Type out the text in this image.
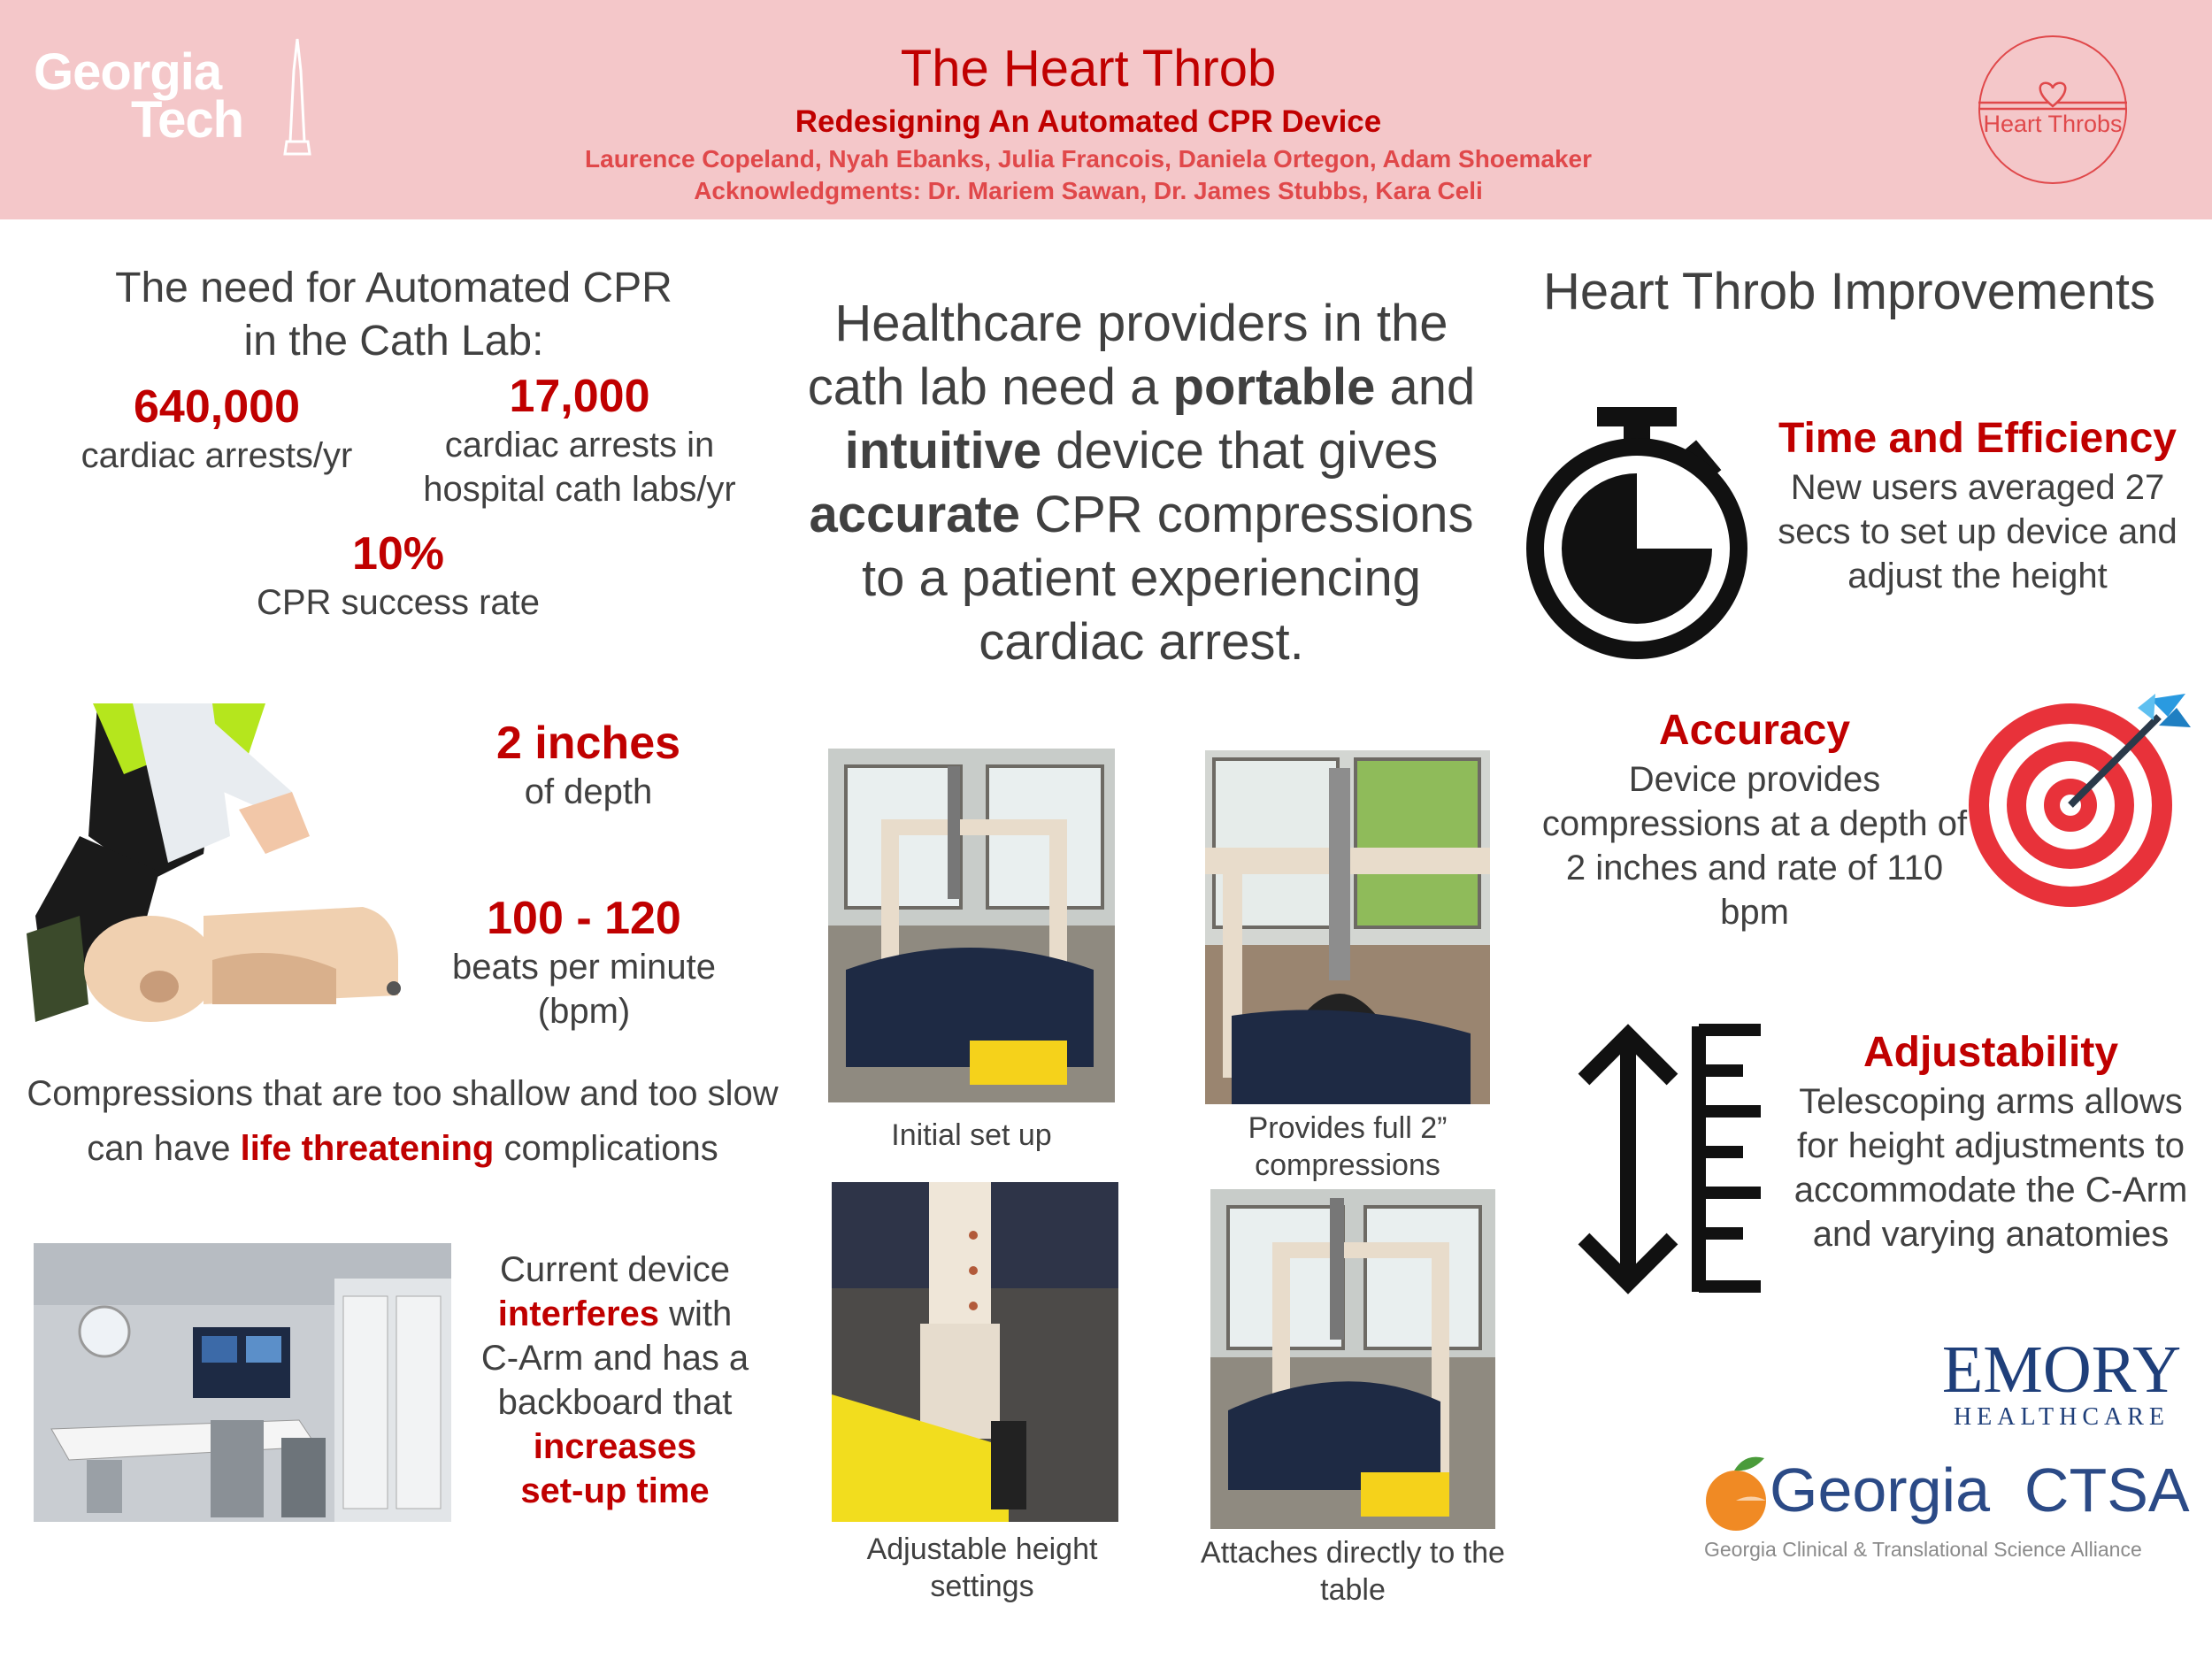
Georgia
Tech
The Heart Throb
Redesigning An Automated CPR Device
Laurence Copeland, Nyah Ebanks, Julia Francois, Daniela Ortegon, Adam Shoemaker
Acknowledgments: Dr. Mariem Sawan, Dr. James Stubbs, Kara Celi
Heart Throbs
The need for Automated CPR
in the Cath Lab:
640,000
cardiac arrests/yr
17,000
cardiac arrests in
hospital cath labs/yr
10%
CPR success rate
2 inches
of depth
100 - 120
beats per minute
(bpm)
Compressions that are too shallow and too slow can have life threatening complications
Current device
interferes with
C-Arm and has a
backboard that
increases
set-up time
Healthcare providers in the cath lab need a portable and intuitive device that gives accurate CPR compressions to a patient experiencing cardiac arrest.
Initial set up	Provides full 2” compressions
Adjustable height settings
Attaches directly to the table
Heart Throb Improvements
Time and Efficiency
New users averaged 27 secs to set up device and adjust the height
Accuracy
Device provides compressions at a depth of 2 inches and rate of 110 bpm
Adjustability
Telescoping arms allows for height adjustments to accommodate the C-Arm and varying anatomies
EMORY
HEALTHCARE
Georgia  CTSA
Georgia Clinical & Translational Science Alliance
